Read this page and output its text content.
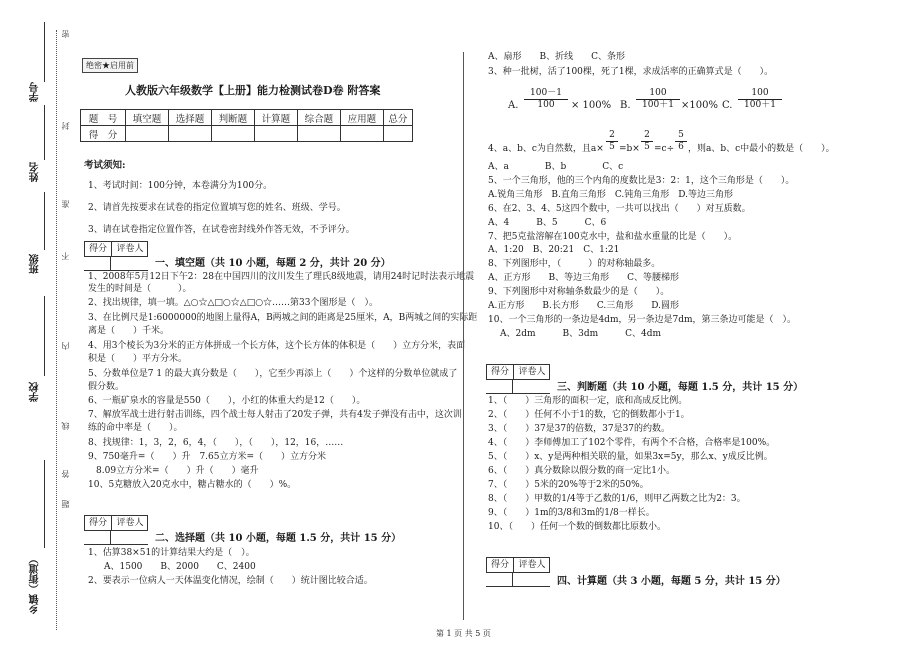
学号
姓名
班级
学校
乡镇（街道）
密
封
线
内
不
准
答
题
绝密★启用前
人教版六年级数学【上册】能力检测试卷D卷 附答案
题　号	填空题	选择题	判断题	计算题	综合题	应用题	总分
得　分							
考试须知:
1、考试时间：100分钟，本卷满分为100分。
2、请首先按要求在试卷的指定位置填写您的姓名、班级、学号。
3、请在试卷指定位置作答，在试卷密封线外作答无效，不予评分。
得分	评卷人
一、填空题（共 10 小题，每题 2 分，共计 20 分）
1、2008年5月12日下午2：28在中国四川的汶川发生了理氏8级地震，请用24时记时法表示地震
发生的时间是（　　　）。
2、找出规律，填一填。△○☆△□○☆△□○☆……第33个图形是（　）。
3、在比例尺是1:6000000的地图上量得A，B两城之间的距离是25厘米，A，B两城之间的实际距
离是（　　）千米。
4、用3个棱长为3分米的正方体拼成一个长方体，这个长方体的体积是（　　）立方分米，表面
积是（　　）平方分米。
5、分数单位是7 1 的最大真分数是（　　），它至少再添上（　　）个这样的分数单位就成了
假分数。
6、一瓶矿泉水的容量是550（　　），小红的体重大约是12（　　）。
7、解放军战士进行射击训练，四个战士每人射击了20发子弹，共有4发子弹没有击中，这次训
练的命中率是（　　）。
8、找规律：1，3，2，6，4，（　　），（　　），12，16，……
9、750毫升=（　　）升　7.65立方米=（　　）立方分米
8.09立方分米=（　　）升（　　）毫升
10、5克糖放入20克水中，糖占糖水的（　　）%。
得分	评卷人
二、选择题（共 10 小题，每题 1.5 分，共计 15 分）
1、估算38×51的计算结果大约是（　）。
A、1500　　B、2000　　C、2400
2、要表示一位病人一天体温变化情况，绘制（　　）统计图比较合适。
A、扇形　　B、折线　　C、条形
3、种一批树，活了100棵，死了1棵，求成活率的正确算式是（　　）。
A. $\frac{100-1}{100} \times 100\%$ B. $\frac{100}{100+1} \times 100\%$ C. $\frac{100}{100+1}$
4、a、b、c为自然数，且$a\times \frac{2}{5} =b\times \frac{2}{5} =c\div \frac{5}{6}$ ，则a、b、c中最小的数是（　　）。
A、a　　　　B、b　　　　C、c
5、一个三角形，他的三个内角的度数比是3：2：1，这个三角形是（　　）。
A.锐角三角形　B.直角三角形　C.钝角三角形　D.等边三角形
6、在2、3、4、5这四个数中，一共可以找出（　　）对互质数。
A、4　　　B、5　　　C、6
7、把5克盐溶解在100克水中，盐和盐水重量的比是（　　）。
A、1:20　B、20:21　C、1:21
8、下列图形中，（　　　）的对称轴最多。
A、正方形　　B、等边三角形　　C、等腰梯形
9、下列图形中对称轴条数最少的是（　　）。
A.正方形　　B.长方形　　C.三角形　　D.圆形
10、一个三角形的一条边是4dm，另一条边是7dm，第三条边可能是（　）。
A、2dm　　　B、3dm　　　C、4dm
得分	评卷人
三、判断题（共 10 小题，每题 1.5 分，共计 15 分）
1、（　　）三角形的面积一定，底和高成反比例。
2、（　　）任何不小于1的数，它的倒数都小于1。
3、（　　）37是37的倍数，37是37的约数。
4、（　　）李师傅加工了102个零件，有两个不合格，合格率是100%。
5、（　　）x、y是两种相关联的量，如果3x=5y，那么x、y成反比例。
6、（　　）真分数除以假分数的商一定比1小。
7、（　　）5米的20%等于2米的50%。
8、（　　）甲数的1/4等于乙数的1/6，则甲乙两数之比为2：3。
9、（　　）1m的3/8和3m的1/8一样长。
10、（　　）任何一个数的倒数都比原数小。
得分	评卷人
四、计算题（共 3 小题，每题 5 分，共计 15 分）
第 1 页 共 5 页
